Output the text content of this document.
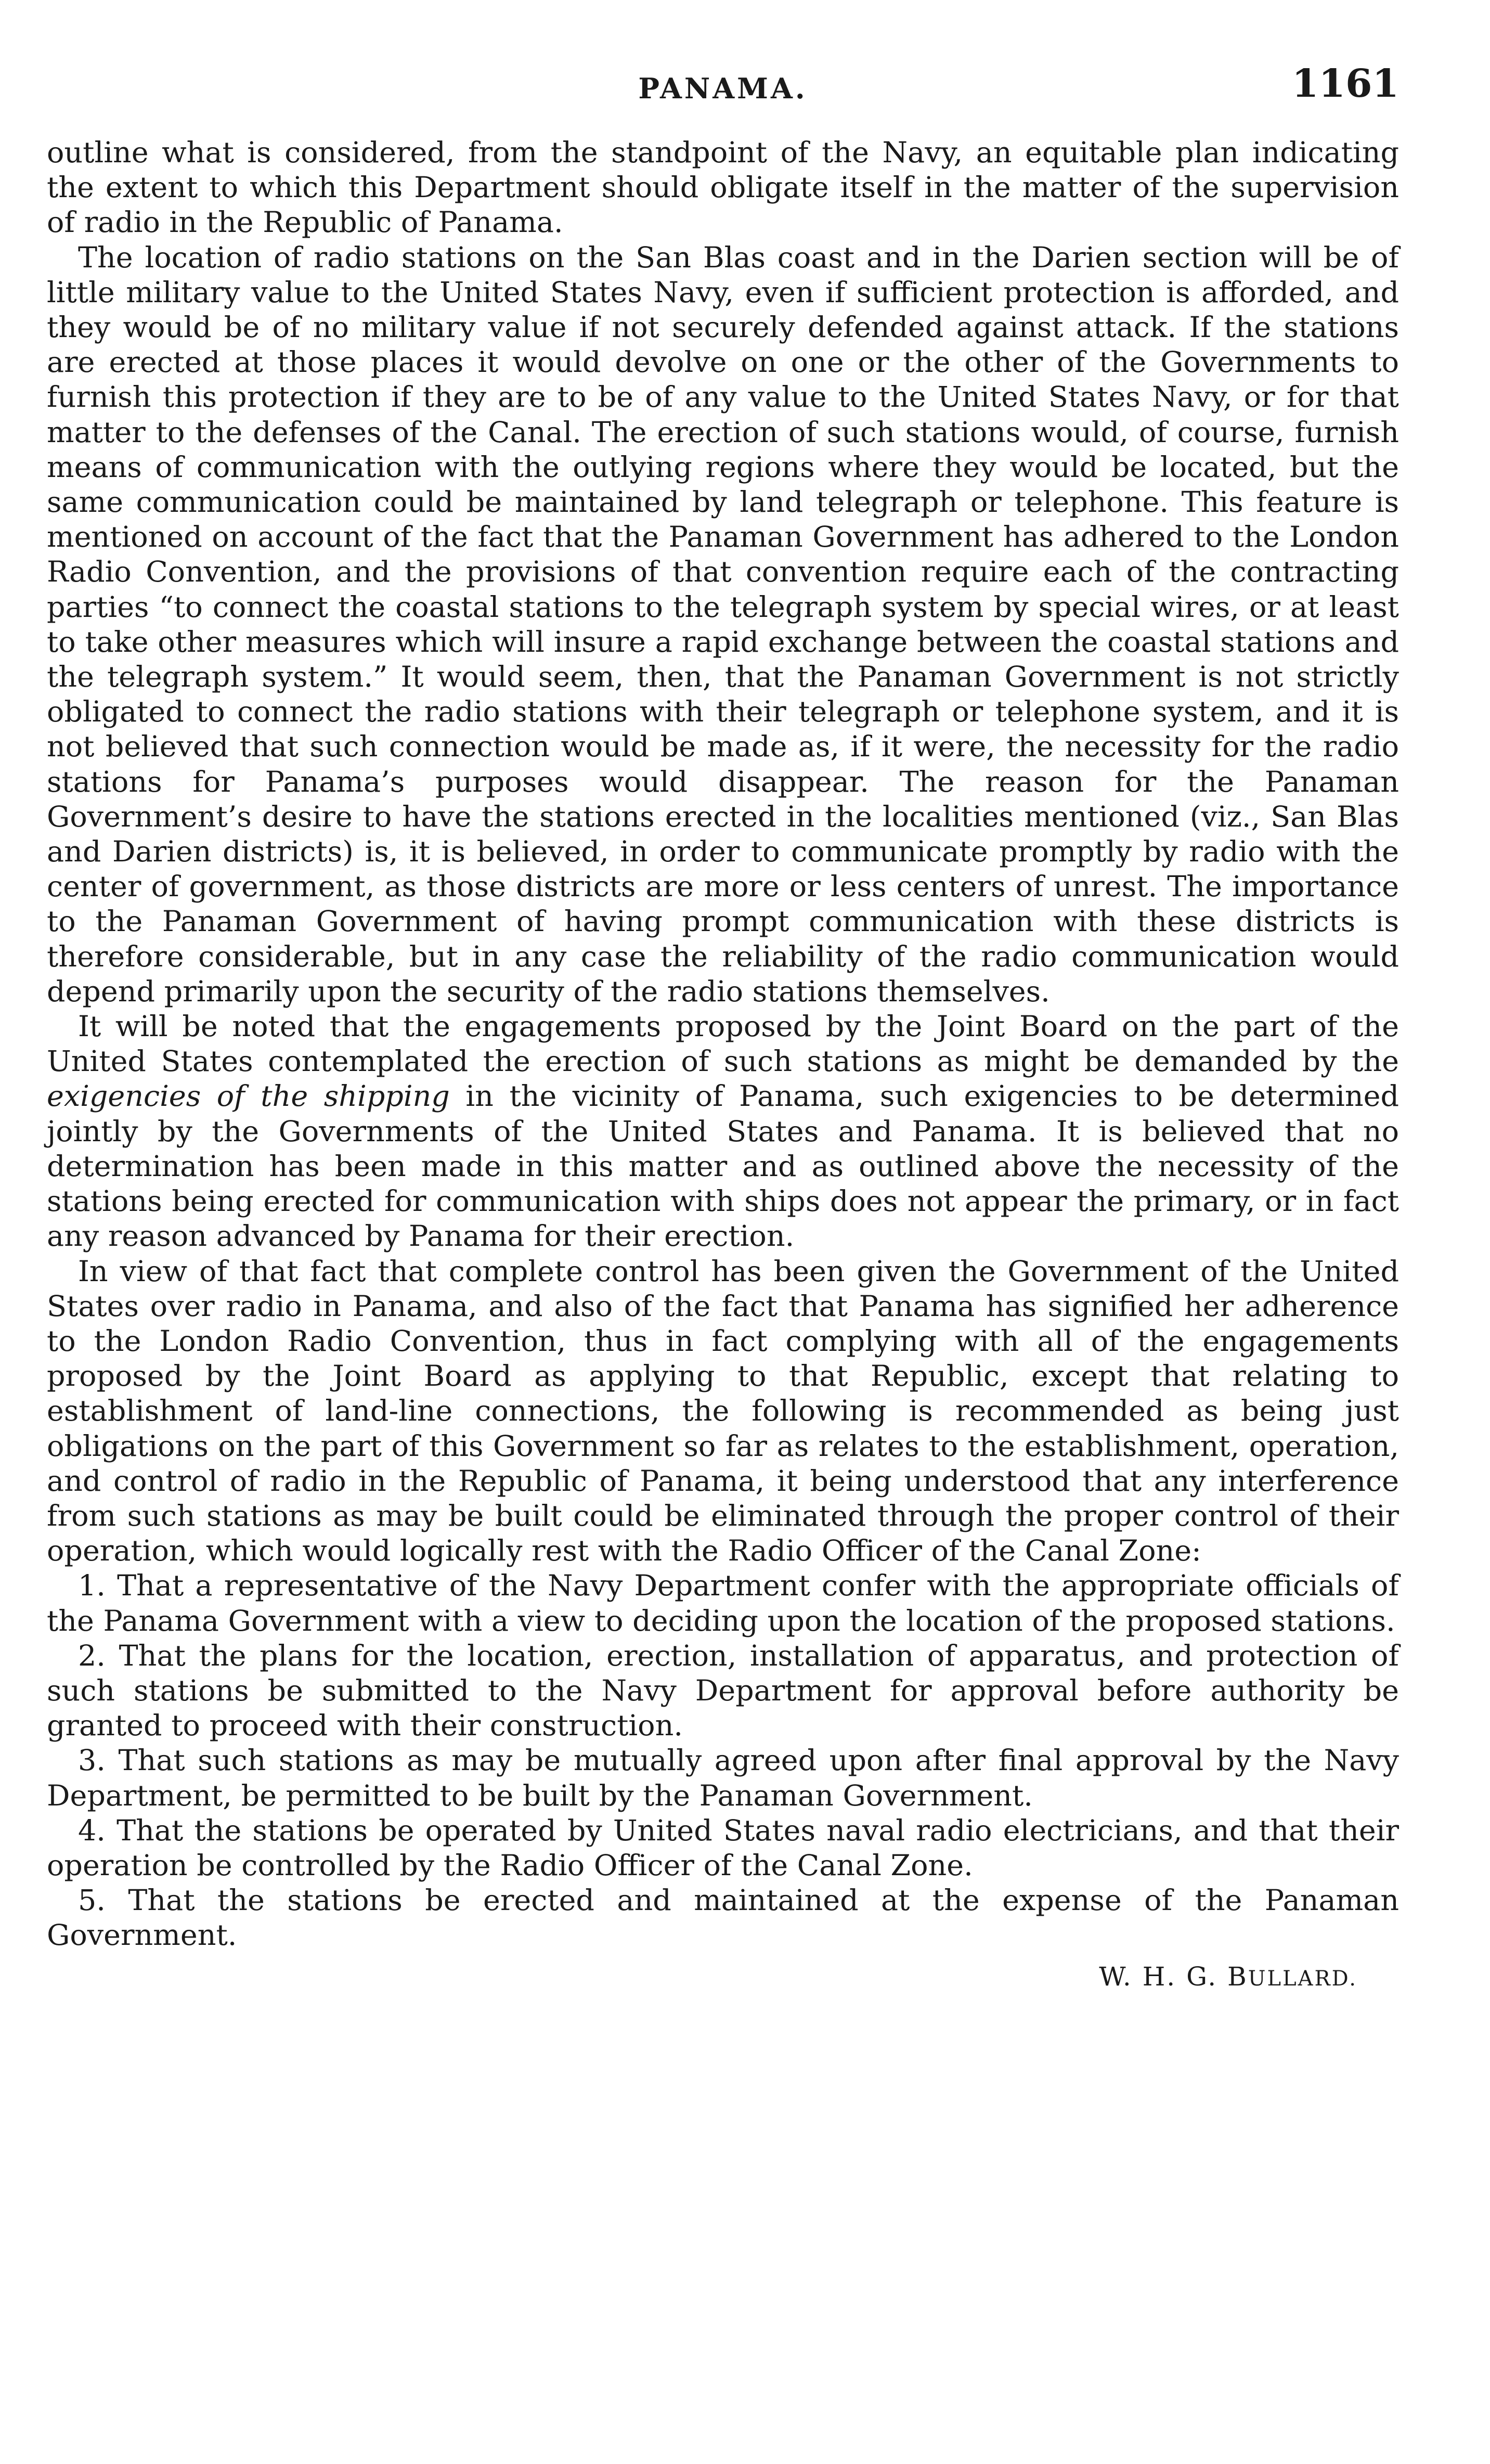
PANAMA.	1161

outline what is considered, from the standpoint of the Navy, an equitable plan indicating the extent to which this Department should obligate itself in the matter of the supervision of radio in the Republic of Panama.

The location of radio stations on the San Blas coast and in the Darien section will be of little military value to the United States Navy, even if sufficient protection is afforded, and they would be of no military value if not securely defended against attack. If the stations are erected at those places it would devolve on one or the other of the Governments to furnish this protection if they are to be of any value to the United States Navy, or for that matter to the defenses of the Canal. The erection of such stations would, of course, furnish means of communication with the outlying regions where they would be located, but the same communication could be maintained by land telegraph or telephone. This feature is mentioned on account of the fact that the Panaman Government has adhered to the London Radio Convention, and the provisions of that convention require each of the contracting parties “to connect the coastal stations to the telegraph system by special wires, or at least to take other measures which will insure a rapid exchange between the coastal stations and the telegraph system.” It would seem, then, that the Panaman Government is not strictly obligated to connect the radio stations with their telegraph or telephone system, and it is not believed that such connection would be made as, if it were, the necessity for the radio stations for Panama’s purposes would disappear. The reason for the Panaman Government’s desire to have the stations erected in the localities mentioned (viz., San Blas and Darien districts) is, it is believed, in order to communicate promptly by radio with the center of government, as those districts are more or less centers of unrest. The importance to the Panaman Government of having prompt communication with these districts is therefore considerable, but in any case the reliability of the radio communication would depend primarily upon the security of the radio stations themselves.

It will be noted that the engagements proposed by the Joint Board on the part of the United States contemplated the erection of such stations as might be demanded by the exigencies of the shipping in the vicinity of Panama, such exigencies to be determined jointly by the Governments of the United States and Panama. It is believed that no determination has been made in this matter and as outlined above the necessity of the stations being erected for communication with ships does not appear the primary, or in fact any reason advanced by Panama for their erection.

In view of that fact that complete control has been given the Government of the United States over radio in Panama, and also of the fact that Panama has signified her adherence to the London Radio Convention, thus in fact complying with all of the engagements proposed by the Joint Board as applying to that Republic, except that relating to establishment of land-line connections, the following is recommended as being just obligations on the part of this Government so far as relates to the establishment, operation, and control of radio in the Republic of Panama, it being understood that any interference from such stations as may be built could be eliminated through the proper control of their operation, which would logically rest with the Radio Officer of the Canal Zone:

1. That a representative of the Navy Department confer with the appropriate officials of the Panama Government with a view to deciding upon the location of the proposed stations.

2. That the plans for the location, erection, installation of apparatus, and protection of such stations be submitted to the Navy Department for approval before authority be granted to proceed with their construction.

3. That such stations as may be mutually agreed upon after final approval by the Navy Department, be permitted to be built by the Panaman Government.

4. That the stations be operated by United States naval radio electricians, and that their operation be controlled by the Radio Officer of the Canal Zone.

5. That the stations be erected and maintained at the expense of the Panaman Government.

W. H. G. BULLARD.
